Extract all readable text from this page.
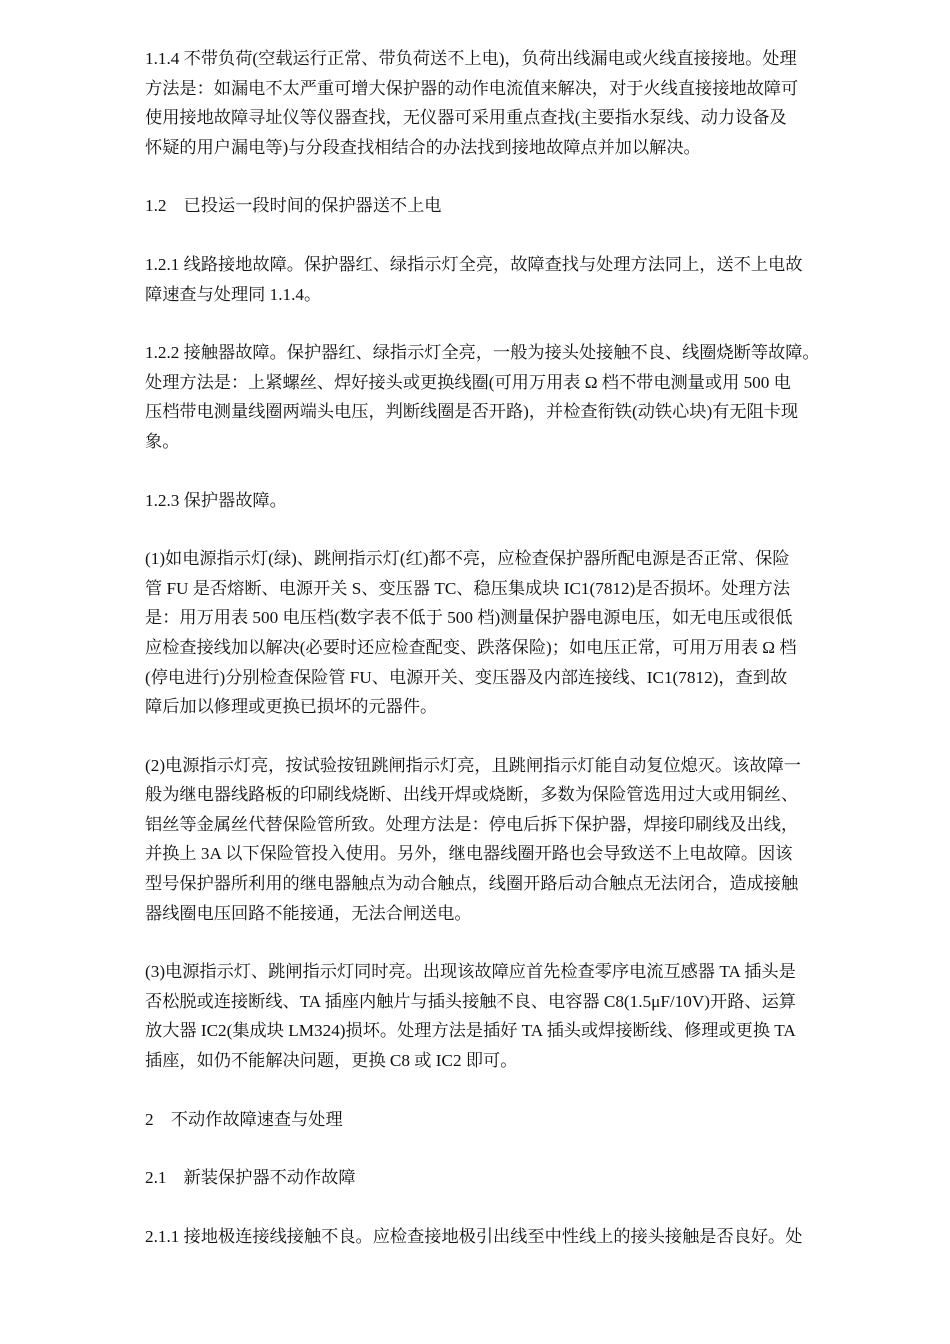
1.1.4 不带负荷(空载运行正常、带负荷送不上电)，负荷出线漏电或火线直接接地。处理
方法是：如漏电不太严重可增大保护器的动作电流值来解决，对于火线直接接地故障可
使用接地故障寻址仪等仪器查找，无仪器可采用重点查找(主要指水泵线、动力设备及
怀疑的用户漏电等)与分段查找相结合的办法找到接地故障点并加以解决。
1.2　已投运一段时间的保护器送不上电
1.2.1 线路接地故障。保护器红、绿指示灯全亮，故障查找与处理方法同上，送不上电故
障速查与处理同 1.1.4。
1.2.2 接触器故障。保护器红、绿指示灯全亮，一般为接头处接触不良、线圈烧断等故障。
处理方法是：上紧螺丝、焊好接头或更换线圈(可用万用表 Ω 档不带电测量或用 500 电
压档带电测量线圈两端头电压，判断线圈是否开路)，并检查衔铁(动铁心块)有无阻卡现
象。
1.2.3 保护器故障。
(1)如电源指示灯(绿)、跳闸指示灯(红)都不亮，应检查保护器所配电源是否正常、保险
管 FU 是否熔断、电源开关 S、变压器 TC、稳压集成块 IC1(7812)是否损坏。处理方法
是：用万用表 500 电压档(数字表不低于 500 档)测量保护器电源电压，如无电压或很低
应检查接线加以解决(必要时还应检查配变、跌落保险)；如电压正常，可用万用表 Ω 档
(停电进行)分别检查保险管 FU、电源开关、变压器及内部连接线、IC1(7812)，查到故
障后加以修理或更换已损坏的元器件。
(2)电源指示灯亮，按试验按钮跳闸指示灯亮，且跳闸指示灯能自动复位熄灭。该故障一
般为继电器线路板的印刷线烧断、出线开焊或烧断，多数为保险管选用过大或用铜丝、
铝丝等金属丝代替保险管所致。处理方法是：停电后拆下保护器，焊接印刷线及出线，
并换上 3A 以下保险管投入使用。另外，继电器线圈开路也会导致送不上电故障。因该
型号保护器所利用的继电器触点为动合触点，线圈开路后动合触点无法闭合，造成接触
器线圈电压回路不能接通，无法合闸送电。
(3)电源指示灯、跳闸指示灯同时亮。出现该故障应首先检查零序电流互感器 TA 插头是
否松脱或连接断线、TA 插座内触片与插头接触不良、电容器 C8(1.5μF/10V)开路、运算
放大器 IC2(集成块 LM324)损坏。处理方法是插好 TA 插头或焊接断线、修理或更换 TA
插座，如仍不能解决问题，更换 C8 或 IC2 即可。
2　不动作故障速查与处理
2.1　新装保护器不动作故障
2.1.1 接地极连接线接触不良。应检查接地极引出线至中性线上的接头接触是否良好。处
